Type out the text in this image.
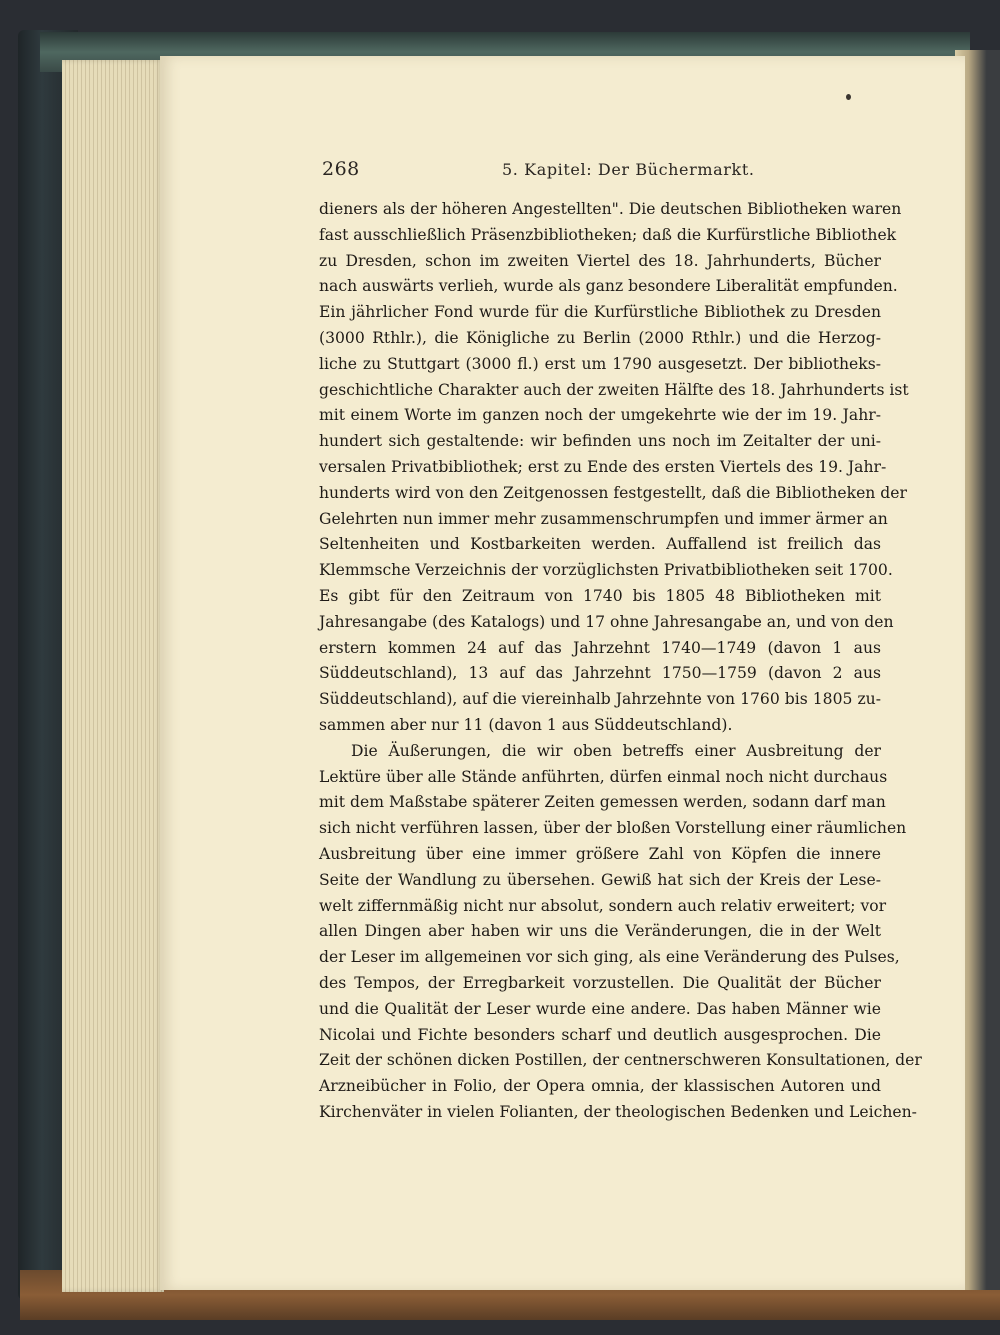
268	5. Kapitel: Der Büchermarkt.
dieners als der höheren Angestellten". Die deutschen Bibliotheken waren
fast ausschließlich Präsenzbibliotheken; daß die Kurfürstliche Bibliothek
zu Dresden, schon im zweiten Viertel des 18. Jahrhunderts, Bücher
nach auswärts verlieh, wurde als ganz besondere Liberalität empfunden.
Ein jährlicher Fond wurde für die Kurfürstliche Bibliothek zu Dresden
(3000 Rthlr.), die Königliche zu Berlin (2000 Rthlr.) und die Herzog-
liche zu Stuttgart (3000 fl.) erst um 1790 ausgesetzt. Der bibliotheks-
geschichtliche Charakter auch der zweiten Hälfte des 18. Jahrhunderts ist
mit einem Worte im ganzen noch der umgekehrte wie der im 19. Jahr-
hundert sich gestaltende: wir befinden uns noch im Zeitalter der uni-
versalen Privatbibliothek; erst zu Ende des ersten Viertels des 19. Jahr-
hunderts wird von den Zeitgenossen festgestellt, daß die Bibliotheken der
Gelehrten nun immer mehr zusammenschrumpfen und immer ärmer an
Seltenheiten und Kostbarkeiten werden. Auffallend ist freilich das
Klemmsche Verzeichnis der vorzüglichsten Privatbibliotheken seit 1700.
Es gibt für den Zeitraum von 1740 bis 1805 48 Bibliotheken mit
Jahresangabe (des Katalogs) und 17 ohne Jahresangabe an, und von den
erstern kommen 24 auf das Jahrzehnt 1740—1749 (davon 1 aus
Süddeutschland), 13 auf das Jahrzehnt 1750—1759 (davon 2 aus
Süddeutschland), auf die viereinhalb Jahrzehnte von 1760 bis 1805 zu-
sammen aber nur 11 (davon 1 aus Süddeutschland).
Die Äußerungen, die wir oben betreffs einer Ausbreitung der
Lektüre über alle Stände anführten, dürfen einmal noch nicht durchaus
mit dem Maßstabe späterer Zeiten gemessen werden, sodann darf man
sich nicht verführen lassen, über der bloßen Vorstellung einer räumlichen
Ausbreitung über eine immer größere Zahl von Köpfen die innere
Seite der Wandlung zu übersehen. Gewiß hat sich der Kreis der Lese-
welt ziffernmäßig nicht nur absolut, sondern auch relativ erweitert; vor
allen Dingen aber haben wir uns die Veränderungen, die in der Welt
der Leser im allgemeinen vor sich ging, als eine Veränderung des Pulses,
des Tempos, der Erregbarkeit vorzustellen. Die Qualität der Bücher
und die Qualität der Leser wurde eine andere. Das haben Männer wie
Nicolai und Fichte besonders scharf und deutlich ausgesprochen. Die
Zeit der schönen dicken Postillen, der centnerschweren Konsultationen, der
Arzneibücher in Folio, der Opera omnia, der klassischen Autoren und
Kirchenväter in vielen Folianten, der theologischen Bedenken und Leichen-
